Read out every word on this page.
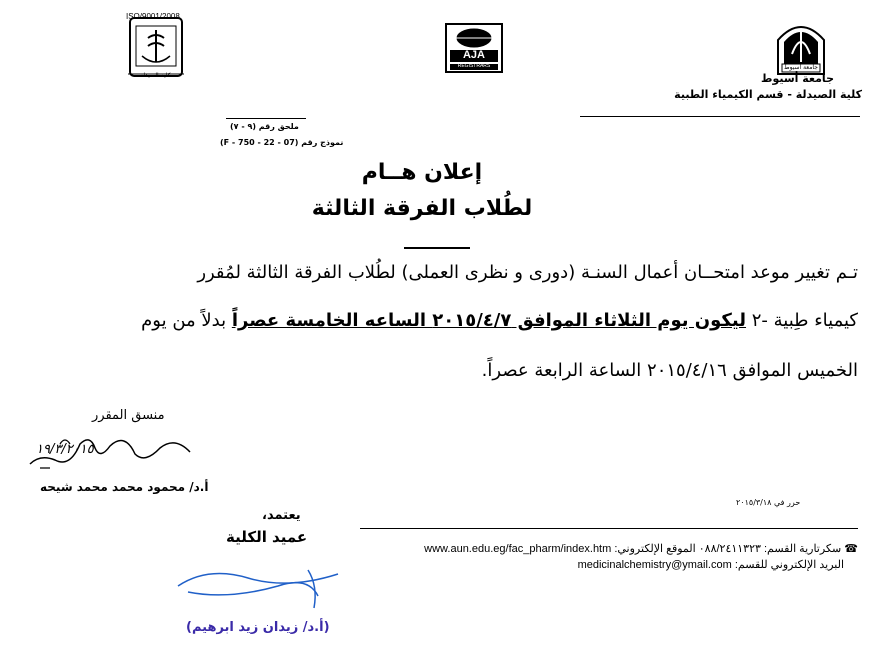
ISO/9001/2008
كلية الصيدلة
AJA
REGISTRARS	جامعة أسيوط
جامعة أسيوط
كلية الصيدلة - قسم الكيمياء الطبية
ملحق رقم (٩ - ٧)
نموذج رقم (07 - 22 - 750 - F)
إعلان هــام
لطُلاب الفرقة الثالثة
تـم تغيير موعد امتحــان أعمال السنـة (دورى و نظرى العملى) لطُلاب الفرقة الثالثة لمُقرر
كيمياء طِبية -٢ ليكون يوم الثلاثاء الموافق ٢٠١٥/٤/٧ الساعه الخامسة عصراً بدلاً من يوم
الخميس الموافق ٢٠١٥/٤/١٦ الساعة الرابعة عصراً.
منسق المقرر
١٩/٣/٢٠١٥
أ.د/ محمود محمد محمد شيحه
حرر في ٢٠١٥/٣/١٨
يعتمد،
عميد الكلية
(أ.د/ زيدان زيد ابرهيم)
☎ سكرتارية القسم: ٠٨٨/٢٤١١٣٢٣ الموقع الإلكتروني: www.aun.edu.eg/fac_pharm/index.htm
البريد الإلكتروني للقسم: medicinalchemistry@ymail.com
